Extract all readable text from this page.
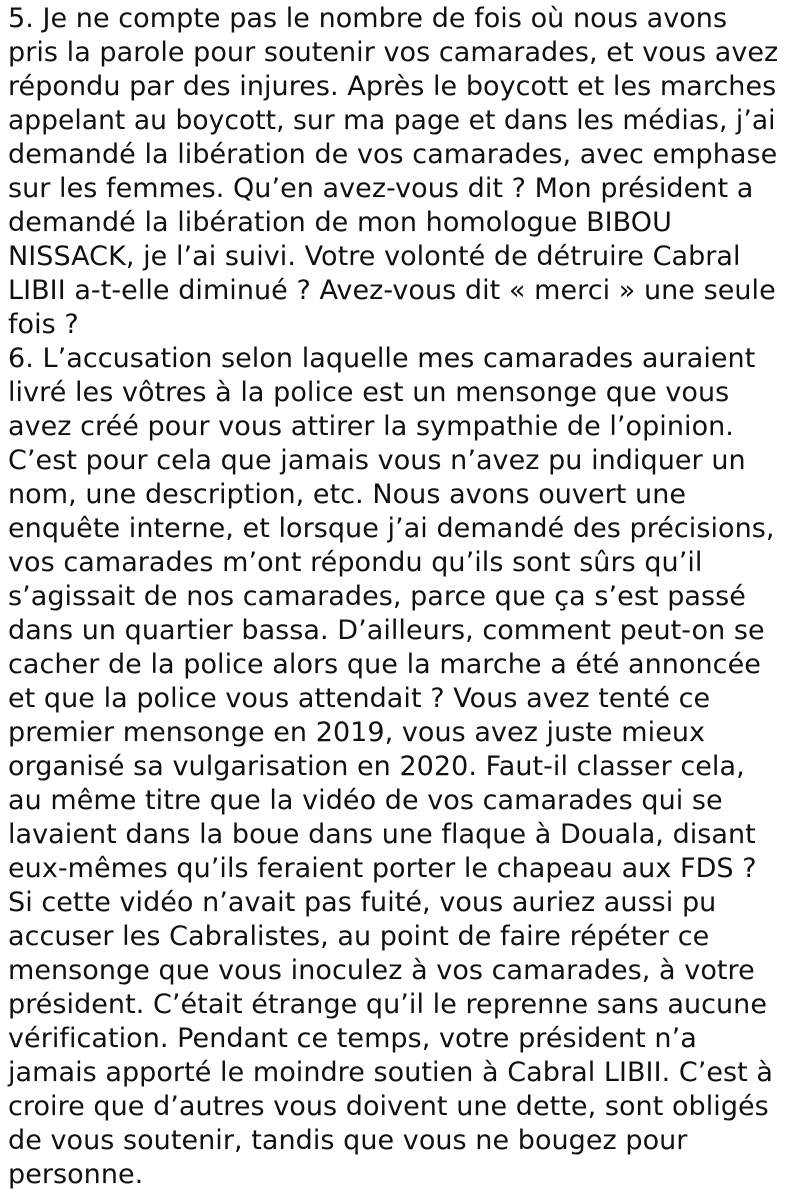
5. Je ne compte pas le nombre de fois où nous avons

pris la parole pour soutenir vos camarades, et vous avez

répondu par des injures. Après le boycott et les marches

appelant au boycott, sur ma page et dans les médias, j’ai

demandé la libération de vos camarades, avec emphase

sur les femmes. Qu’en avez-vous dit ? Mon président a

demandé la libération de mon homologue BIBOU

NISSACK, je l’ai suivi. Votre volonté de détruire Cabral

LIBII a-t-elle diminué ? Avez-vous dit « merci » une seule

fois ?

6. L’accusation selon laquelle mes camarades auraient

livré les vôtres à la police est un mensonge que vous

avez créé pour vous attirer la sympathie de l’opinion.

C’est pour cela que jamais vous n’avez pu indiquer un

nom, une description, etc. Nous avons ouvert une

enquête interne, et lorsque j’ai demandé des précisions,

vos camarades m’ont répondu qu’ils sont sûrs qu’il

s’agissait de nos camarades, parce que ça s’est passé

dans un quartier bassa. D’ailleurs, comment peut-on se

cacher de la police alors que la marche a été annoncée

et que la police vous attendait ? Vous avez tenté ce

premier mensonge en 2019, vous avez juste mieux

organisé sa vulgarisation en 2020. Faut-il classer cela,

au même titre que la vidéo de vos camarades qui se

lavaient dans la boue dans une flaque à Douala, disant

eux-mêmes qu’ils feraient porter le chapeau aux FDS ?

Si cette vidéo n’avait pas fuité, vous auriez aussi pu

accuser les Cabralistes, au point de faire répéter ce

mensonge que vous inoculez à vos camarades, à votre

président. C’était étrange qu’il le reprenne sans aucune

vérification. Pendant ce temps, votre président n’a

jamais apporté le moindre soutien à Cabral LIBII. C’est à

croire que d’autres vous doivent une dette, sont obligés

de vous soutenir, tandis que vous ne bougez pour

personne.
